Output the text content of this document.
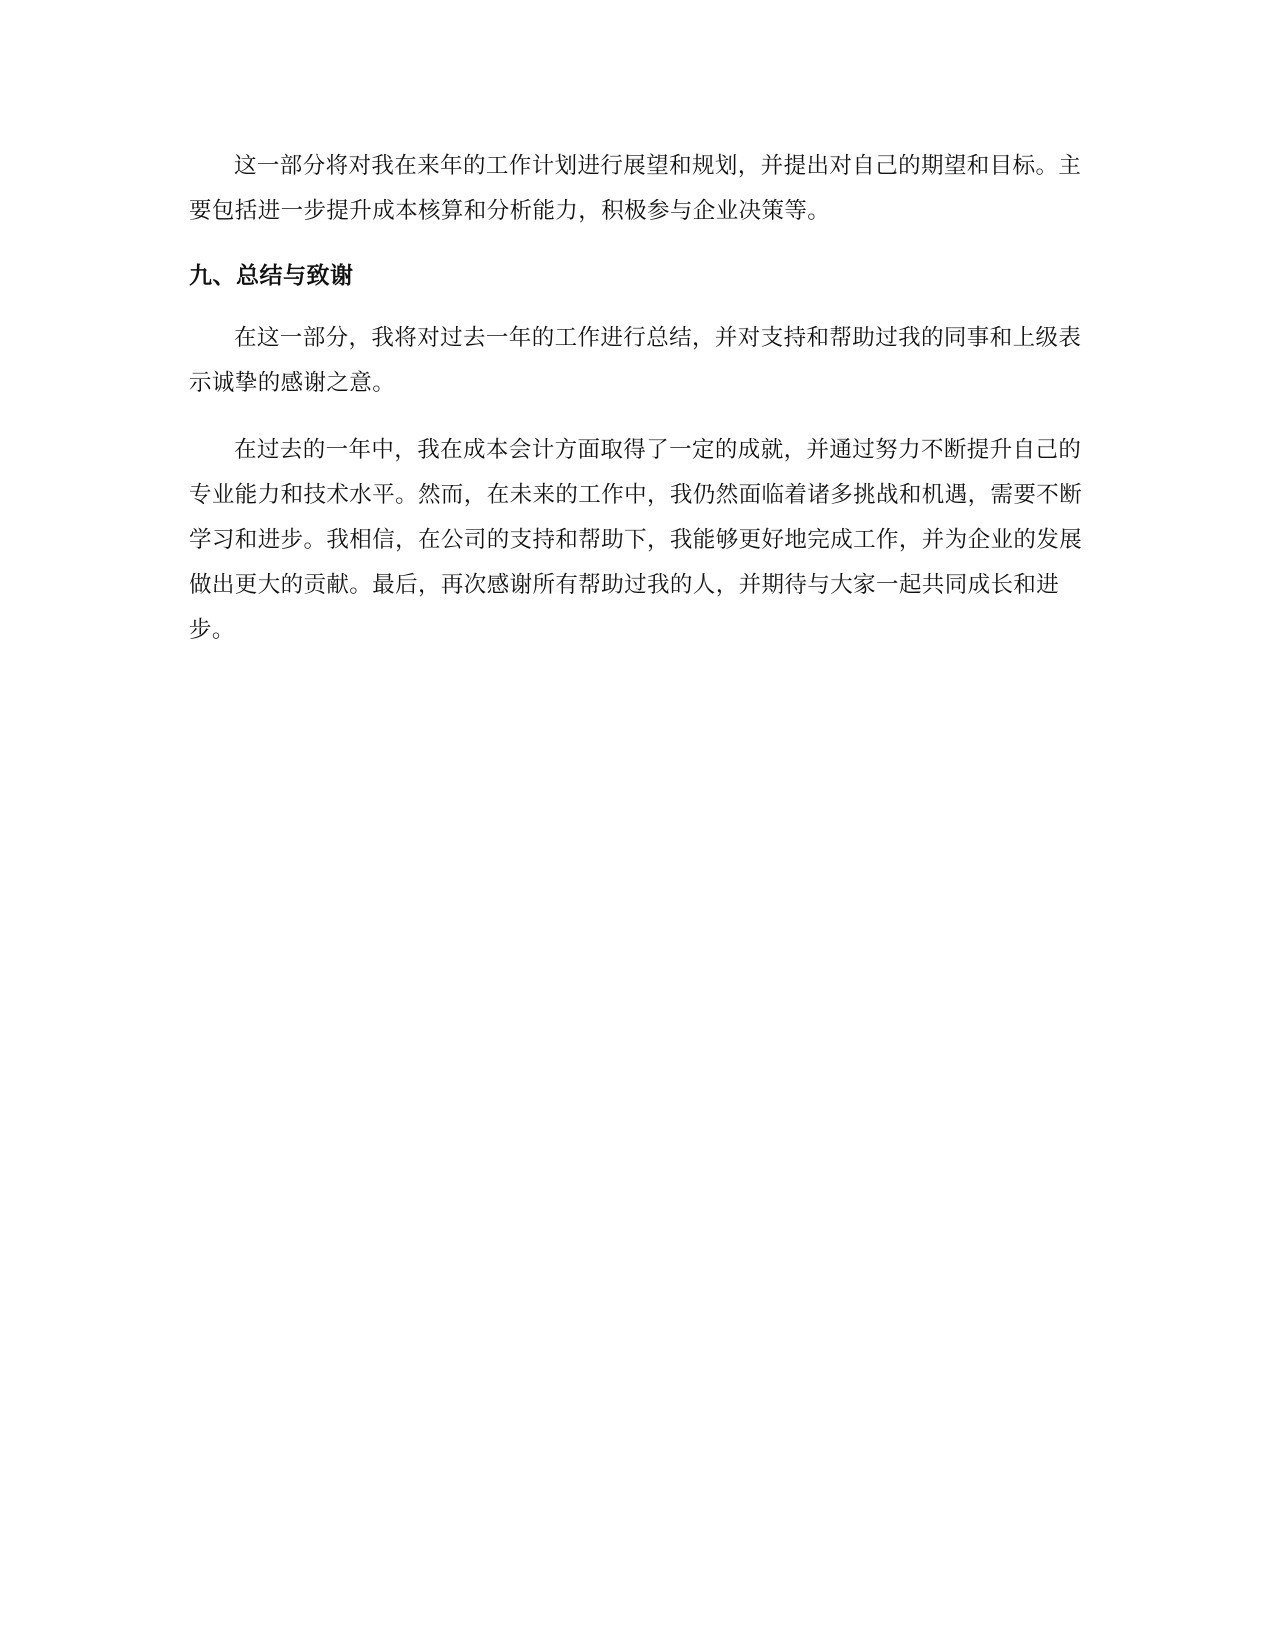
这一部分将对我在来年的工作计划进行展望和规划，并提出对自己的期望和目标。主要包括进一步提升成本核算和分析能力，积极参与企业决策等。

九、总结与致谢

在这一部分，我将对过去一年的工作进行总结，并对支持和帮助过我的同事和上级表示诚挚的感谢之意。

在过去的一年中，我在成本会计方面取得了一定的成就，并通过努力不断提升自己的专业能力和技术水平。然而，在未来的工作中，我仍然面临着诸多挑战和机遇，需要不断学习和进步。我相信，在公司的支持和帮助下，我能够更好地完成工作，并为企业的发展做出更大的贡献。最后，再次感谢所有帮助过我的人，并期待与大家一起共同成长和进步。
